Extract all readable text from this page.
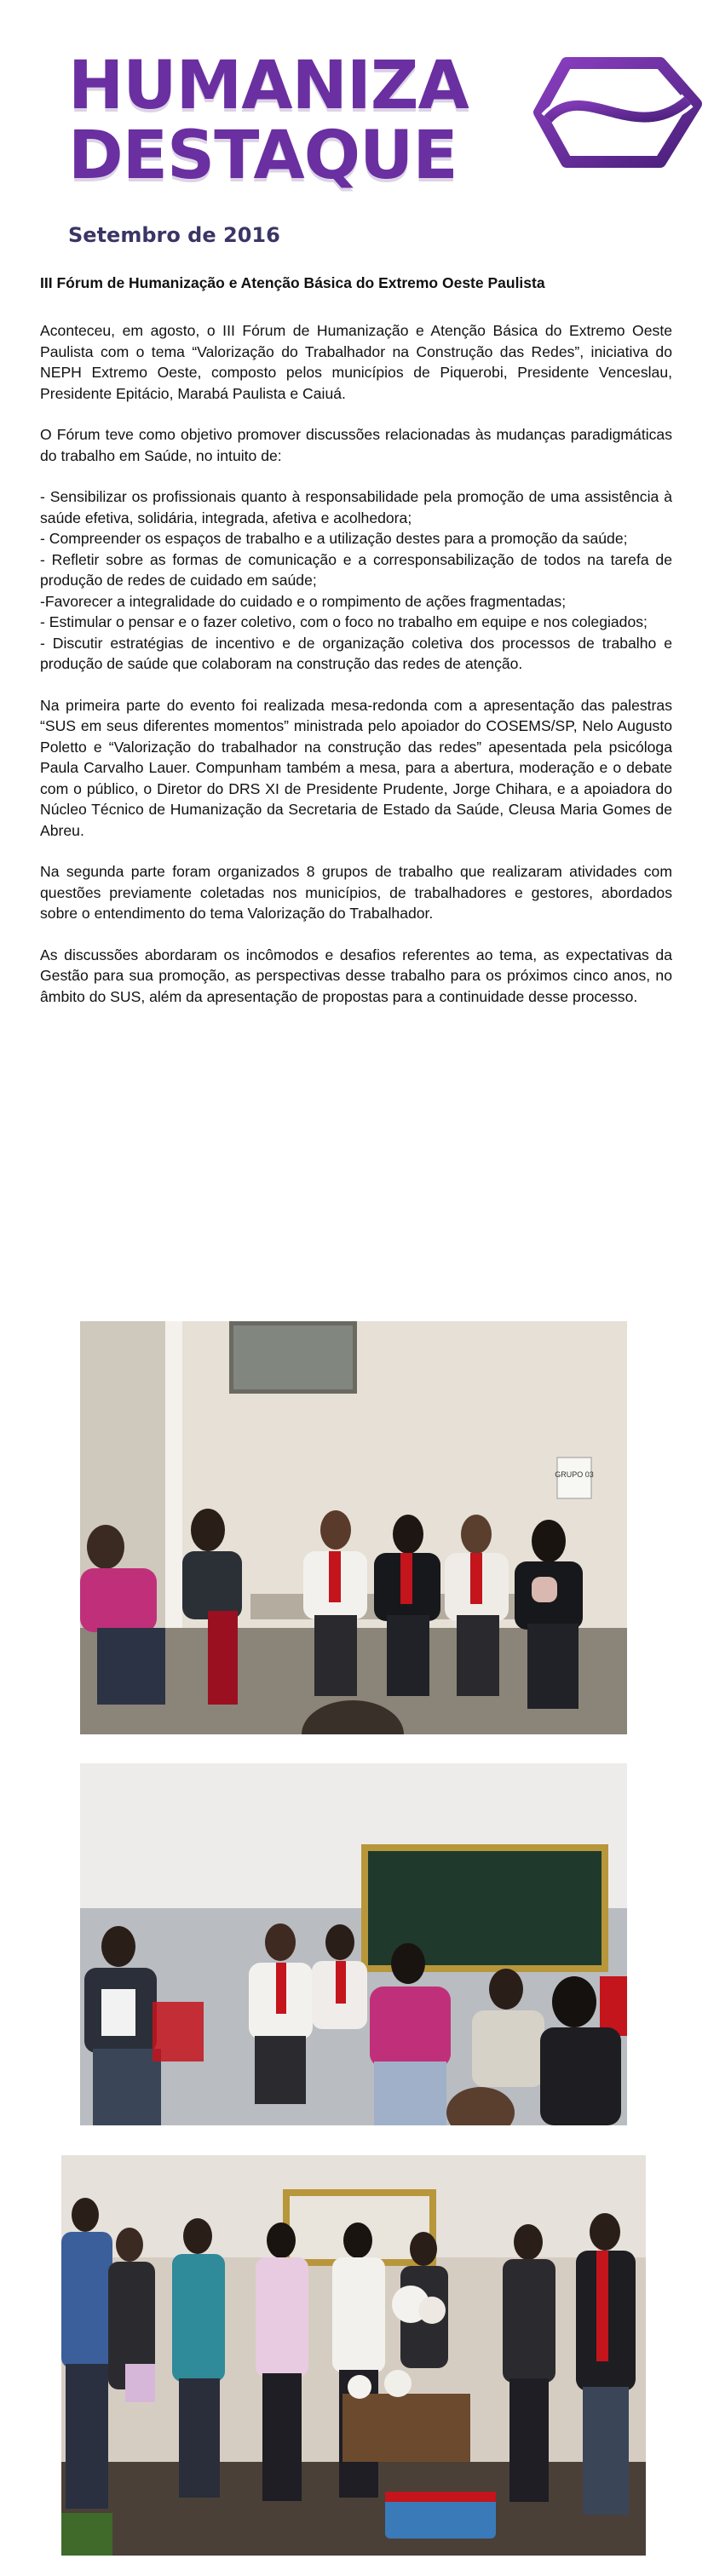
HUMANIZA
DESTAQUE
Setembro de 2016
III Fórum de Humanização e Atenção Básica do Extremo Oeste Paulista

Aconteceu, em agosto, o III Fórum de Humanização e Atenção Básica do Extremo Oeste Paulista com o tema “Valorização do Trabalhador na Construção das Redes”, iniciativa do NEPH Extremo Oeste, composto pelos municípios de Piquerobi, Presidente Venceslau, Presidente Epitácio, Marabá Paulista e Caiuá.

O Fórum teve como objetivo promover discussões relacionadas às mudanças paradigmáticas do trabalho em Saúde, no intuito de:

- Sensibilizar os profissionais quanto à responsabilidade pela promoção de uma assistência à saúde efetiva, solidária, integrada, afetiva e acolhedora;

- Compreender os espaços de trabalho e a utilização destes para a promoção da saúde;

- Refletir sobre as formas de comunicação e a corresponsabilização de todos na tarefa de produção de redes de cuidado em saúde;

-Favorecer a integralidade do cuidado e o rompimento de ações fragmentadas;

- Estimular o pensar e o fazer coletivo, com o foco no trabalho em equipe e nos colegiados;

- Discutir estratégias de incentivo e de organização coletiva dos processos de trabalho e produção de saúde que colaboram na construção das redes de atenção.

Na primeira parte do evento foi realizada mesa-redonda com a apresentação das palestras “SUS em seus diferentes momentos” ministrada pelo apoiador do COSEMS/SP, Nelo Augusto Poletto e “Valorização do trabalhador na construção das redes” apesentada pela psicóloga Paula Carvalho Lauer. Compunham também a mesa, para a abertura, moderação e o debate com o público, o Diretor do DRS XI de Presidente Prudente, Jorge Chihara, e a apoiadora do Núcleo Técnico de Humanização da Secretaria de Estado da Saúde, Cleusa Maria Gomes de Abreu.

Na segunda parte foram organizados 8 grupos de trabalho que realizaram atividades com questões previamente coletadas nos municípios, de trabalhadores e gestores, abordados sobre o entendimento do tema Valorização do Trabalhador.

As discussões abordaram os incômodos e desafios referentes ao tema, as expectativas da Gestão para sua promoção, as perspectivas desse trabalho para os próximos cinco anos, no âmbito do SUS, além da apresentação de propostas para a continuidade desse processo.

GRUPO 03
